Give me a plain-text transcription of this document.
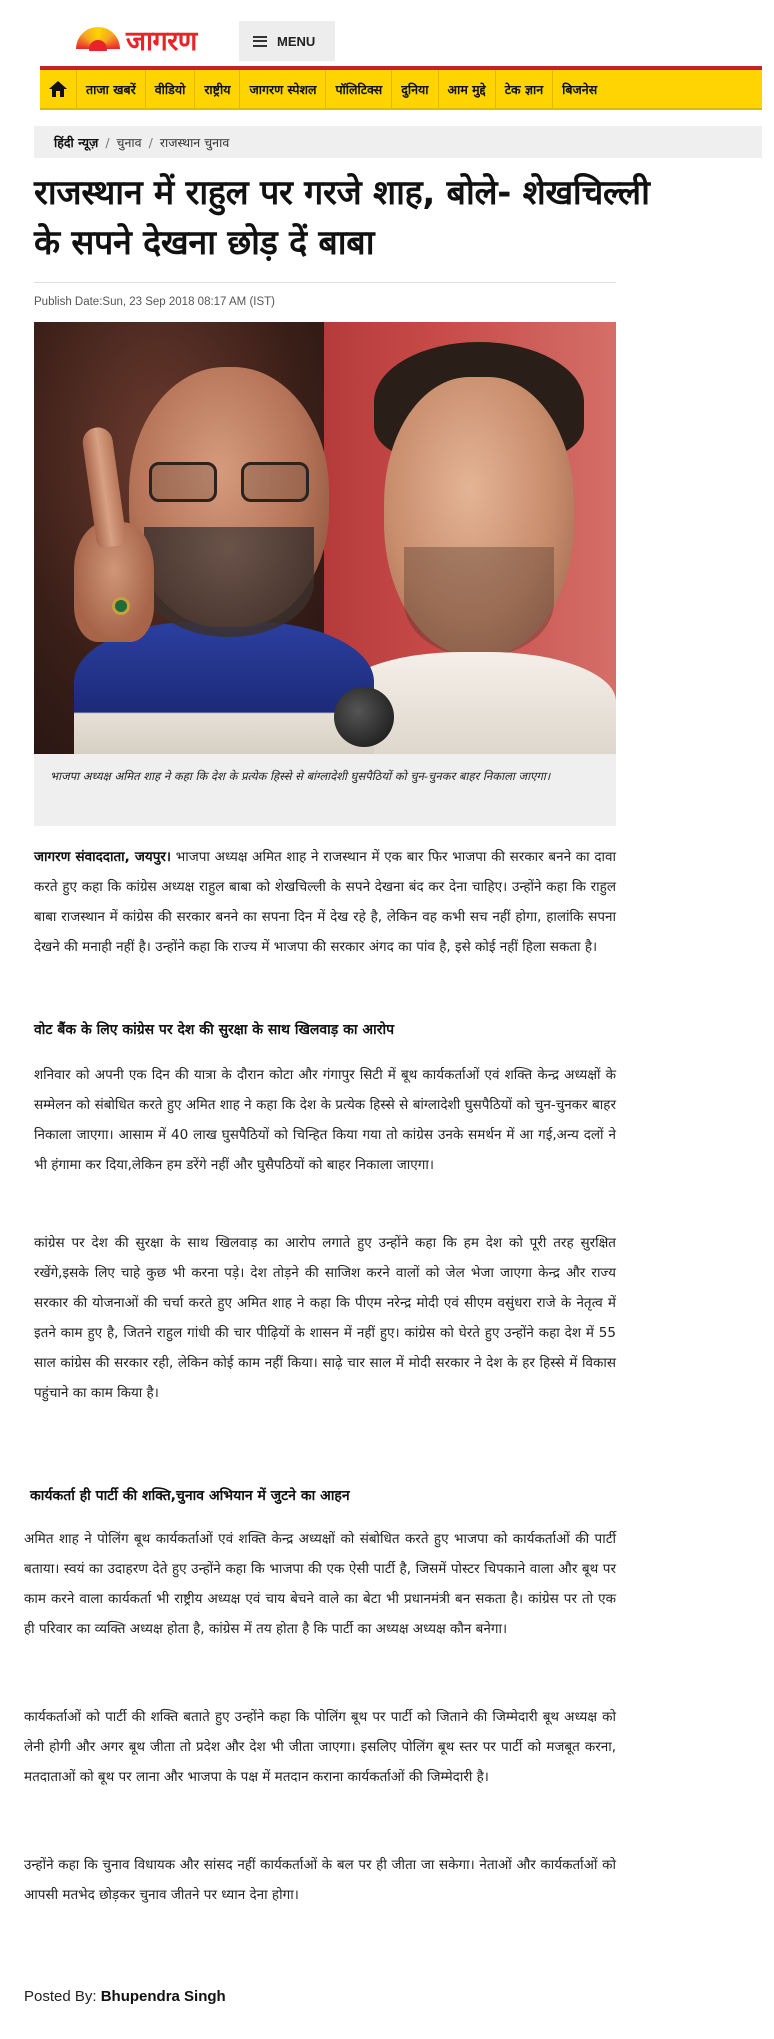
जागरण	MENU
ताजा खबरें	वीडियो	राष्ट्रीय	जागरण स्पेशल	पॉलिटिक्स	दुनिया	आम मुद्दे	टेक ज्ञान	बिजनेस
हिंदी न्यूज़ / चुनाव / राजस्थान चुनाव
राजस्थान में राहुल पर गरजे शाह, बोले- शेखचिल्ली
के सपने देखना छोड़ दें बाबा
Publish Date:Sun, 23 Sep 2018 08:17 AM (IST)
भाजपा अध्यक्ष अमित शाह ने कहा कि देश के प्रत्येक हिस्से से बांग्लादेशी घुसपैठियों को चुन-चुनकर बाहर निकाला जाएगा।

जागरण संवाददाता, जयपुर। भाजपा अध्यक्ष अमित शाह ने राजस्थान में एक बार फिर भाजपा की सरकार बनने का दावा करते हुए कहा कि कांग्रेस अध्यक्ष राहुल बाबा को शेखचिल्ली के सपने देखना बंद कर देना चाहिए। उन्होंने कहा कि राहुल बाबा राजस्थान में कांग्रेस की सरकार बनने का सपना दिन में देख रहे है, लेकिन वह कभी सच नहीं होगा, हालांकि सपना देखने की मनाही नहीं है। उन्होंने कहा कि राज्य में भाजपा की सरकार अंगद का पांव है, इसे कोई नहीं हिला सकता है।

वोट बैंक के लिए कांग्रेस पर देश की सुरक्षा के साथ खिलवाड़ का आरोप

शनिवार को अपनी एक दिन की यात्रा के दौरान कोटा और गंगापुर सिटी में बूथ कार्यकर्ताओं एवं शक्ति केन्द्र अध्यक्षों के सम्मेलन को संबोधित करते हुए अमित शाह ने कहा कि देश के प्रत्येक हिस्से से बांग्लादेशी घुसपैठियों को चुन-चुनकर बाहर निकाला जाएगा। आसाम में 40 लाख घुसपैठियों को चिन्हित किया गया तो कांग्रेस उनके समर्थन में आ गई,अन्य दलों ने भी हंगामा कर दिया,लेकिन हम डरेंगे नहीं और घुसैपठियों को बाहर निकाला जाएगा।

कांग्रेस पर देश की सुरक्षा के साथ खिलवाड़ का आरोप लगाते हुए उन्होंने कहा कि हम देश को पूरी तरह सुरक्षित रखेंगे,इसके लिए चाहे कुछ भी करना पड़े। देश तोड़ने की साजिश करने वालों को जेल भेजा जाएगा केन्द्र और राज्य सरकार की योजनाओं की चर्चा करते हुए अमित शाह ने कहा कि पीएम नरेन्द्र मोदी एवं सीएम वसुंधरा राजे के नेतृत्व में इतने काम हुए है, जितने राहुल गांधी की चार पीढ़ियों के शासन में नहीं हुए। कांग्रेस को घेरते हुए उन्होंने कहा देश में 55 साल कांग्रेस की सरकार रही, लेकिन कोई काम नहीं किया। साढ़े चार साल में मोदी सरकार ने देश के हर हिस्से में विकास पहुंचाने का काम किया है।

कार्यकर्ता ही पार्टी की शक्ति,चुनाव अभियान में जुटने का आहन

अमित शाह ने पोलिंग बूथ कार्यकर्ताओं एवं शक्ति केन्द्र अध्यक्षों को संबोधित करते हुए भाजपा को कार्यकर्ताओं की पार्टी बताया। स्वयं का उदाहरण देते हुए उन्होंने कहा कि भाजपा की एक ऐसी पार्टी है, जिसमें पोस्टर चिपकाने वाला और बूथ पर काम करने वाला कार्यकर्ता भी राष्ट्रीय अध्यक्ष एवं चाय बेचने वाले का बेटा भी प्रधानमंत्री बन सकता है। कांग्रेस पर तो एक ही परिवार का व्यक्ति अध्यक्ष होता है, कांग्रेस में तय होता है कि पार्टी का अध्यक्ष अध्यक्ष कौन बनेगा।

कार्यकर्ताओं को पार्टी की शक्ति बताते हुए उन्होंने कहा कि पोलिंग बूथ पर पार्टी को जिताने की जिम्मेदारी बूथ अध्यक्ष को लेनी होगी और अगर बूथ जीता तो प्रदेश और देश भी जीता जाएगा। इसलिए पोलिंग बूथ स्तर पर पार्टी को मजबूत करना, मतदाताओं को बूथ पर लाना और भाजपा के पक्ष में मतदान कराना कार्यकर्ताओं की जिम्मेदारी है।

उन्होंने कहा कि चुनाव विधायक और सांसद नहीं कार्यकर्ताओं के बल पर ही जीता जा सकेगा। नेताओं और कार्यकर्ताओं को आपसी मतभेद छोड़कर चुनाव जीतने पर ध्यान देना होगा।

Posted By: Bhupendra Singh
